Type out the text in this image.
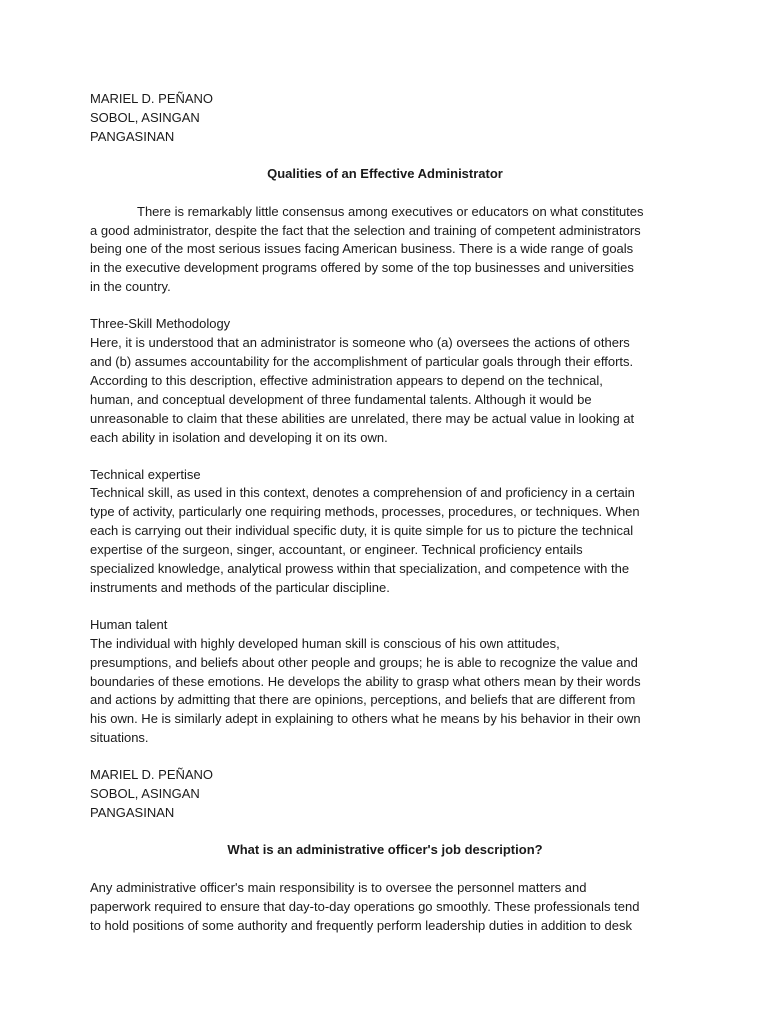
MARIEL D. PEÑANO
SOBOL, ASINGAN
PANGASINAN
Qualities of an Effective Administrator
There is remarkably little consensus among executives or educators on what constitutes
a good administrator, despite the fact that the selection and training of competent administrators
being one of the most serious issues facing American business. There is a wide range of goals
in the executive development programs offered by some of the top businesses and universities
in the country.
Three-Skill Methodology
Here, it is understood that an administrator is someone who (a) oversees the actions of others
and (b) assumes accountability for the accomplishment of particular goals through their efforts.
According to this description, effective administration appears to depend on the technical,
human, and conceptual development of three fundamental talents. Although it would be
unreasonable to claim that these abilities are unrelated, there may be actual value in looking at
each ability in isolation and developing it on its own.
Technical expertise
Technical skill, as used in this context, denotes a comprehension of and proficiency in a certain
type of activity, particularly one requiring methods, processes, procedures, or techniques. When
each is carrying out their individual specific duty, it is quite simple for us to picture the technical
expertise of the surgeon, singer, accountant, or engineer. Technical proficiency entails
specialized knowledge, analytical prowess within that specialization, and competence with the
instruments and methods of the particular discipline.
Human talent
The individual with highly developed human skill is conscious of his own attitudes,
presumptions, and beliefs about other people and groups; he is able to recognize the value and
boundaries of these emotions. He develops the ability to grasp what others mean by their words
and actions by admitting that there are opinions, perceptions, and beliefs that are different from
his own. He is similarly adept in explaining to others what he means by his behavior in their own
situations.
MARIEL D. PEÑANO
SOBOL, ASINGAN
PANGASINAN
What is an administrative officer's job description?
Any administrative officer's main responsibility is to oversee the personnel matters and
paperwork required to ensure that day-to-day operations go smoothly. These professionals tend
to hold positions of some authority and frequently perform leadership duties in addition to desk
